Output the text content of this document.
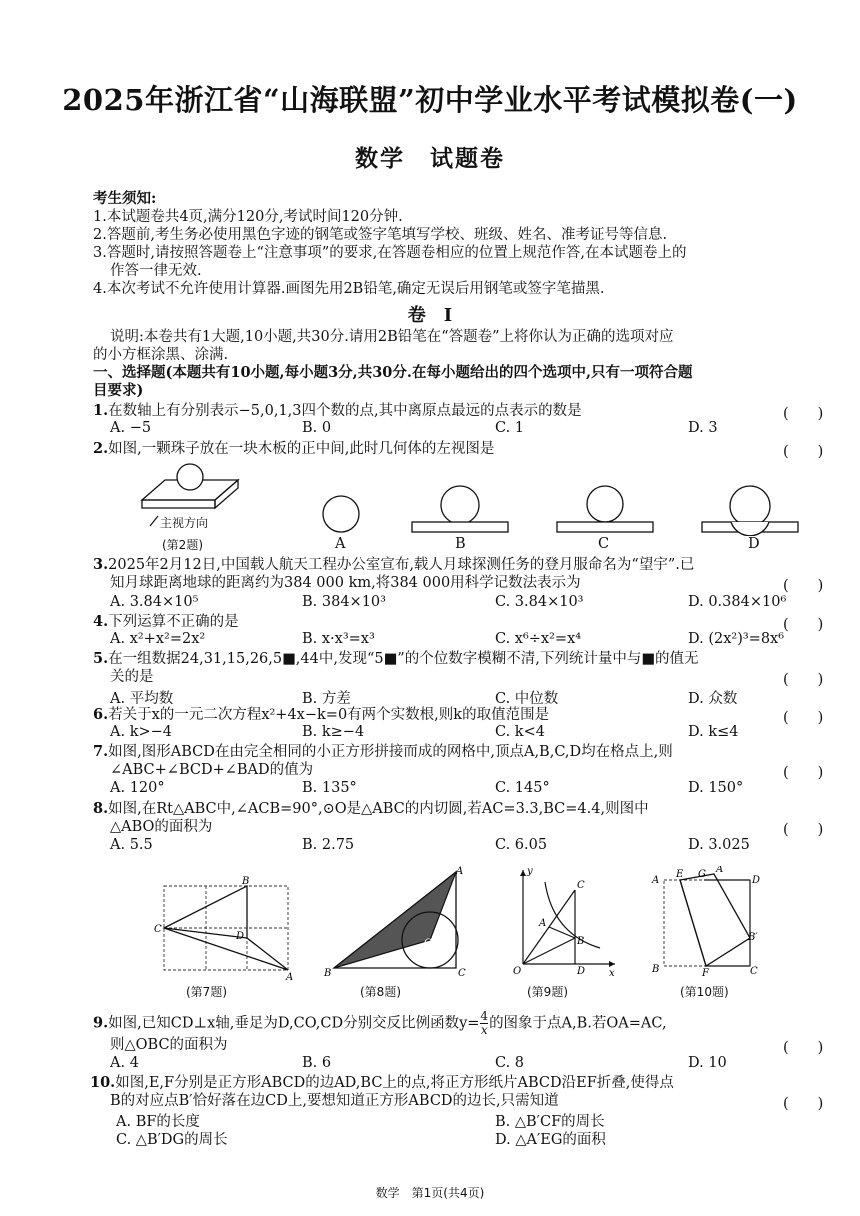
2025年浙江省“山海联盟”初中学业水平考试模拟卷(一)
数学　试题卷
考生须知:
1.本试题卷共4页,满分120分,考试时间120分钟.
2.答题前,考生务必使用黑色字迹的钢笔或签字笔填写学校、班级、姓名、准考证号等信息.
3.答题时,请按照答题卷上“注意事项”的要求,在答题卷相应的位置上规范作答,在本试题卷上的
作答一律无效.
4.本次考试不允许使用计算器.画图先用2B铅笔,确定无误后用钢笔或签字笔描黑.
卷　Ⅰ
说明:本卷共有1大题,10小题,共30分.请用2B铅笔在“答题卷”上将你认为正确的选项对应
的小方框涂黑、涂满.
一、选择题(本题共有10小题,每小题3分,共30分.在每小题给出的四个选项中,只有一项符合题
目要求)
1.在数轴上有分别表示−5,0,1,3四个数的点,其中离原点最远的点表示的数是	(　　)
A. −5	B. 0	C. 1	D. 3
2.如图,一颗珠子放在一块木板的正中间,此时几何体的左视图是	(　　)
主视方向
(第2题)	A	B	C	D
3.2025年2月12日,中国载人航天工程办公室宣布,载人月球探测任务的登月服命名为“望宇”.已
知月球距离地球的距离约为384 000 km,将384 000用科学记数法表示为	(　　)
A. 3.84×10⁵	B. 384×10³	C. 3.84×10³	D. 0.384×10⁶
4.下列运算不正确的是	(　　)
A. x²+x²=2x²	B. x·x³=x³	C. x⁶÷x²=x⁴	D. (2x²)³=8x⁶
5.在一组数据24,31,15,26,5■,44中,发现“5■”的个位数字模糊不清,下列统计量中与■的值无
关的是	(　　)
A. 平均数	B. 方差	C. 中位数	D. 众数
6.若关于x的一元二次方程x²+4x−k=0有两个实数根,则k的取值范围是	(　　)
A. k>−4	B. k≥−4	C. k<4	D. k≤4
7.如图,图形ABCD在由完全相同的小正方形拼接而成的网格中,顶点A,B,C,D均在格点上,则
∠ABC+∠BCD+∠BAD的值为	(　　)
A. 120°	B. 135°	C. 145°	D. 150°
8.如图,在Rt△ABC中,∠ACB=90°,⊙O是△ABC的内切圆,若AC=3.3,BC=4.4,则图中
△ABO的面积为	(　　)
A. 5.5	B. 2.75	C. 6.05	D. 3.025
C
B
D
A
(第7题)
B
A
C
O
(第8题)
C
A
B
D
O
y
x
(第9题)
A
E G A′
D
B′
B	F	C
(第10题)
9.如图,已知CD⊥x轴,垂足为D,CO,CD分别交反比例函数$y= \frac{4}{x}$ 的图象于点A,B.若OA=AC,
则△OBC的面积为	(　　)
A. 4	B. 6	C. 8	D. 10
10.如图,E,F分别是正方形ABCD的边AD,BC上的点,将正方形纸片ABCD沿EF折叠,使得点
B的对应点B′恰好落在边CD上,要想知道正方形ABCD的边长,只需知道	(　　)
A. BF的长度	B. △B′CF的周长
C. △B′DG的周长	D. △A′EG的面积
数学　第1页(共4页)
